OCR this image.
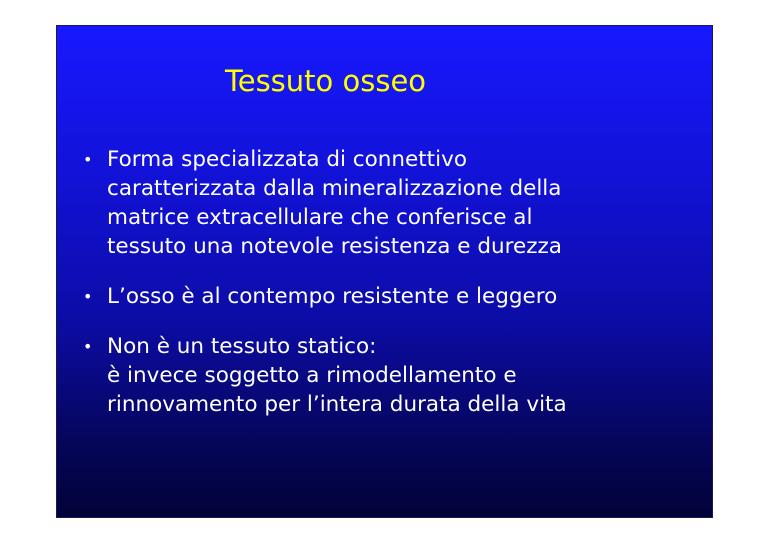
Tessuto osseo
• Forma specializzata di connettivo
caratterizzata dalla mineralizzazione della
matrice extracellulare che conferisce al
tessuto una notevole resistenza e durezza
• L’osso è al contempo resistente e leggero
• Non è un tessuto statico:
è invece soggetto a rimodellamento e
rinnovamento per l’intera durata della vita
